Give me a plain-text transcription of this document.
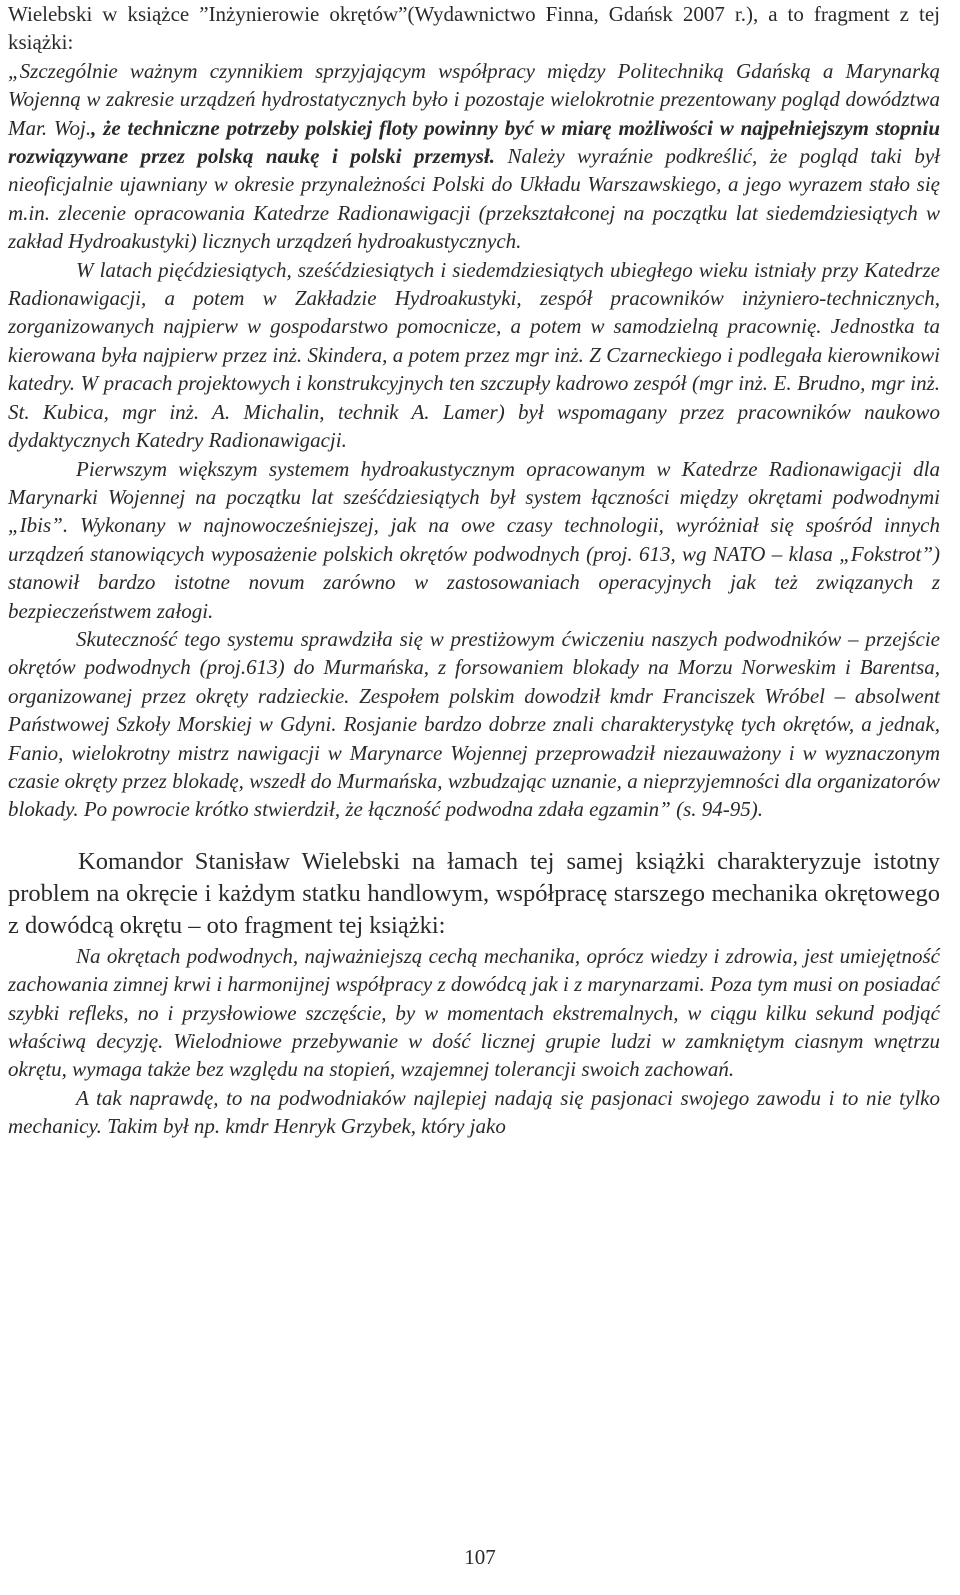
Wielebski w książce ”Inżynierowie okrętów”(Wydawnictwo Finna, Gdańsk 2007 r.), a to fragment z tej książki:
„Szczególnie ważnym czynnikiem sprzyjającym współpracy między Politechniką Gdańską a Marynarką Wojenną w zakresie urządzeń hydrostatycznych było i pozostaje wielokrotnie prezentowany pogląd dowództwa Mar. Woj., że techniczne potrzeby polskiej floty powinny być w miarę możliwości w najpełniejszym stopniu rozwiązywane przez polską naukę i polski przemysł. Należy wyraźnie podkreślić, że pogląd taki był nieoficjalnie ujawniany w okresie przynależności Polski do Układu Warszawskiego, a jego wyrazem stało się m.in. zlecenie opracowania Katedrze Radionawigacji (przekształconej na początku lat siedemdziesiątych w zakład Hydroakustyki) licznych urządzeń hydroakustycznych.

W latach pięćdziesiątych, sześćdziesiątych i siedemdziesiątych ubiegłego wieku istniały przy Katedrze Radionawigacji, a potem w Zakładzie Hydroakustyki, zespół pracowników inżyniero-technicznych, zorganizowanych najpierw w gospodarstwo pomocnicze, a potem w samodzielną pracownię. Jednostka ta kierowana była najpierw przez inż. Skindera, a potem przez mgr inż. Z Czarneckiego i podlegała kierownikowi katedry. W pracach projektowych i konstrukcyjnych ten szczupły kadrowo zespół (mgr inż. E. Brudno, mgr inż. St. Kubica, mgr inż. A. Michalin, technik A. Lamer) był wspomagany przez pracowników naukowo dydaktycznych Katedry Radionawigacji.

Pierwszym większym systemem hydroakustycznym opracowanym w Katedrze Radionawigacji dla Marynarki Wojennej na początku lat sześćdziesiątych był system łączności między okrętami podwodnymi „Ibis”. Wykonany w najnowocześniejszej, jak na owe czasy technologii, wyróżniał się spośród innych urządzeń stanowiących wyposażenie polskich okrętów podwodnych (proj. 613, wg NATO – klasa „Fokstrot”) stanowił bardzo istotne novum zarówno w zastosowaniach operacyjnych jak też związanych z bezpieczeństwem załogi.

Skuteczność tego systemu sprawdziła się w prestiżowym ćwiczeniu naszych podwodników – przejście okrętów podwodnych (proj.613) do Murmańska, z forsowaniem blokady na Morzu Norweskim i Barentsa, organizowanej przez okręty radzieckie. Zespołem polskim dowodził kmdr Franciszek Wróbel – absolwent Państwowej Szkoły Morskiej w Gdyni. Rosjanie bardzo dobrze znali charakterystykę tych okrętów, a jednak, Fanio, wielokrotny mistrz nawigacji w Marynarce Wojennej przeprowadził niezauważony i w wyznaczonym czasie okręty przez blokadę, wszedł do Murmańska, wzbudzając uznanie, a nieprzyjemności dla organizatorów blokady. Po powrocie krótko stwierdził, że łączność podwodna zdała egzamin” (s. 94-95).

Komandor Stanisław Wielebski na łamach tej samej książki charakteryzuje istotny problem na okręcie i każdym statku handlowym, współpracę starszego mechanika okrętowego z dowódcą okrętu – oto fragment tej książki:

Na okrętach podwodnych, najważniejszą cechą mechanika, oprócz wiedzy i zdrowia, jest umiejętność zachowania zimnej krwi i harmonijnej współpracy z dowódcą jak i z marynarzami. Poza tym musi on posiadać szybki refleks, no i przysłowiowe szczęście, by w momentach ekstremalnych, w ciągu kilku sekund podjąć właściwą decyzję. Wielodniowe przebywanie w dość licznej grupie ludzi w zamkniętym ciasnym wnętrzu okrętu, wymaga także bez względu na stopień, wzajemnej tolerancji swoich zachowań.

A tak naprawdę, to na podwodniaków najlepiej nadają się pasjonaci swojego zawodu i to nie tylko mechanicy. Takim był np. kmdr Henryk Grzybek, który jako

107
